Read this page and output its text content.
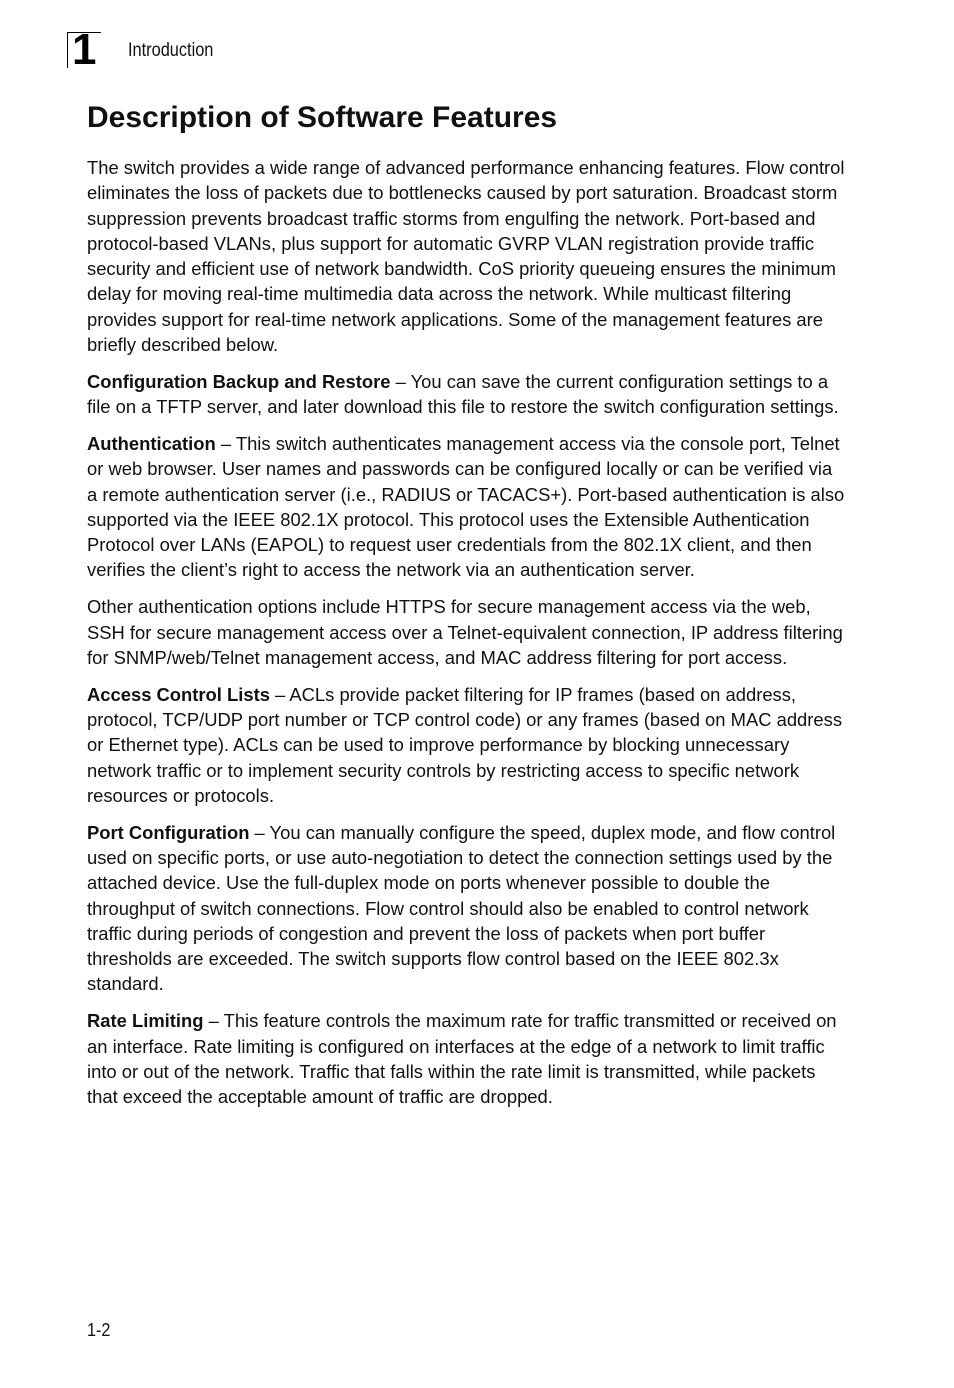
1 Introduction
Description of Software Features

The switch provides a wide range of advanced performance enhancing features. Flow control eliminates the loss of packets due to bottlenecks caused by port saturation. Broadcast storm suppression prevents broadcast traffic storms from engulfing the network. Port-based and protocol-based VLANs, plus support for automatic GVRP VLAN registration provide traffic security and efficient use of network bandwidth. CoS priority queueing ensures the minimum delay for moving real-time multimedia data across the network. While multicast filtering provides support for real-time network applications. Some of the management features are briefly described below.

Configuration Backup and Restore – You can save the current configuration settings to a file on a TFTP server, and later download this file to restore the switch configuration settings.

Authentication – This switch authenticates management access via the console port, Telnet or web browser. User names and passwords can be configured locally or can be verified via a remote authentication server (i.e., RADIUS or TACACS+). Port-based authentication is also supported via the IEEE 802.1X protocol. This protocol uses the Extensible Authentication Protocol over LANs (EAPOL) to request user credentials from the 802.1X client, and then verifies the client’s right to access the network via an authentication server.

Other authentication options include HTTPS for secure management access via the web, SSH for secure management access over a Telnet-equivalent connection, IP address filtering for SNMP/web/Telnet management access, and MAC address filtering for port access.

Access Control Lists – ACLs provide packet filtering for IP frames (based on address, protocol, TCP/UDP port number or TCP control code) or any frames (based on MAC address or Ethernet type). ACLs can be used to improve performance by blocking unnecessary network traffic or to implement security controls by restricting access to specific network resources or protocols.

Port Configuration – You can manually configure the speed, duplex mode, and flow control used on specific ports, or use auto-negotiation to detect the connection settings used by the attached device. Use the full-duplex mode on ports whenever possible to double the throughput of switch connections. Flow control should also be enabled to control network traffic during periods of congestion and prevent the loss of packets when port buffer thresholds are exceeded. The switch supports flow control based on the IEEE 802.3x standard.

Rate Limiting – This feature controls the maximum rate for traffic transmitted or received on an interface. Rate limiting is configured on interfaces at the edge of a network to limit traffic into or out of the network. Traffic that falls within the rate limit is transmitted, while packets that exceed the acceptable amount of traffic are dropped.

1-2
